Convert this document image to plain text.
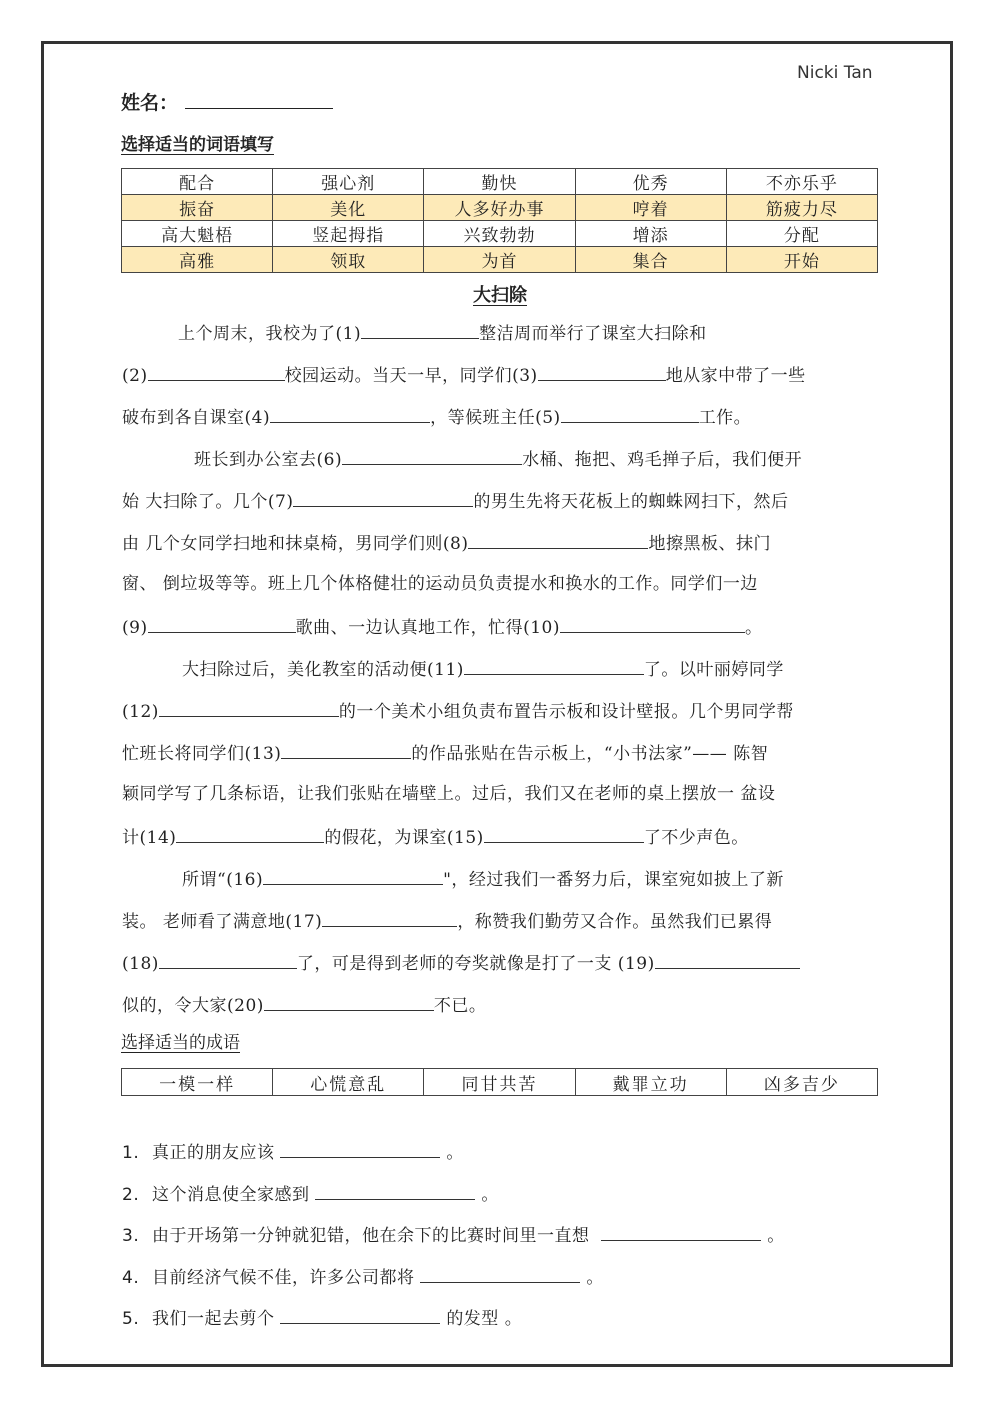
Nicki Tan
姓名：
选择适当的词语填写
配合	强心剂	勤快	优秀	不亦乐乎
振奋	美化	人多好办事	哼着	筋疲力尽
高大魁梧	竖起拇指	兴致勃勃	增添	分配
高雅	领取	为首	集合	开始
大扫除
上个周末，我校为了(1)	整洁周而举行了课室大扫除和
(2)	校园运动。当天一早，同学们(3)	地从家中带了一些
破布到各自课室(4)	，等候班主任(5)	工作。
班长到办公室去(6)	水桶、拖把、鸡毛掸子后，我们便开
始 大扫除了。几个(7)	的男生先将天花板上的蜘蛛网扫下，然后
由 几个女同学扫地和抹桌椅，男同学们则(8)	地擦黑板、抹门
窗、 倒垃圾等等。班上几个体格健壮的运动员负责提水和换水的工作。同学们一边
(9)	歌曲、一边认真地工作，忙得(10)	。
大扫除过后，美化教室的活动便(11)	了。以叶丽婷同学
(12)	的一个美术小组负责布置告示板和设计壁报。几个男同学帮
忙班长将同学们(13)	的作品张贴在告示板上，“小书法家”—— 陈智
颖同学写了几条标语，让我们张贴在墙壁上。过后，我们又在老师的桌上摆放一 盆设
计(14)	的假花，为课室(15)	了不少声色。
所谓“(16)	"，经过我们一番努力后，课室宛如披上了新
装。 老师看了满意地(17)	，称赞我们勤劳又合作。虽然我们已累得
(18)	了，可是得到老师的夸奖就像是打了一支 (19)
似的，令大家(20)	不已。
选择适当的成语
一模一样	心慌意乱	同甘共苦	戴罪立功	凶多吉少
1. 真正的朋友应该	。
2. 这个消息使全家感到	。
3. 由于开场第一分钟就犯错，他在余下的比赛时间里一直想	。
4. 目前经济气候不佳，许多公司都将	。
5. 我们一起去剪个	的发型 。
